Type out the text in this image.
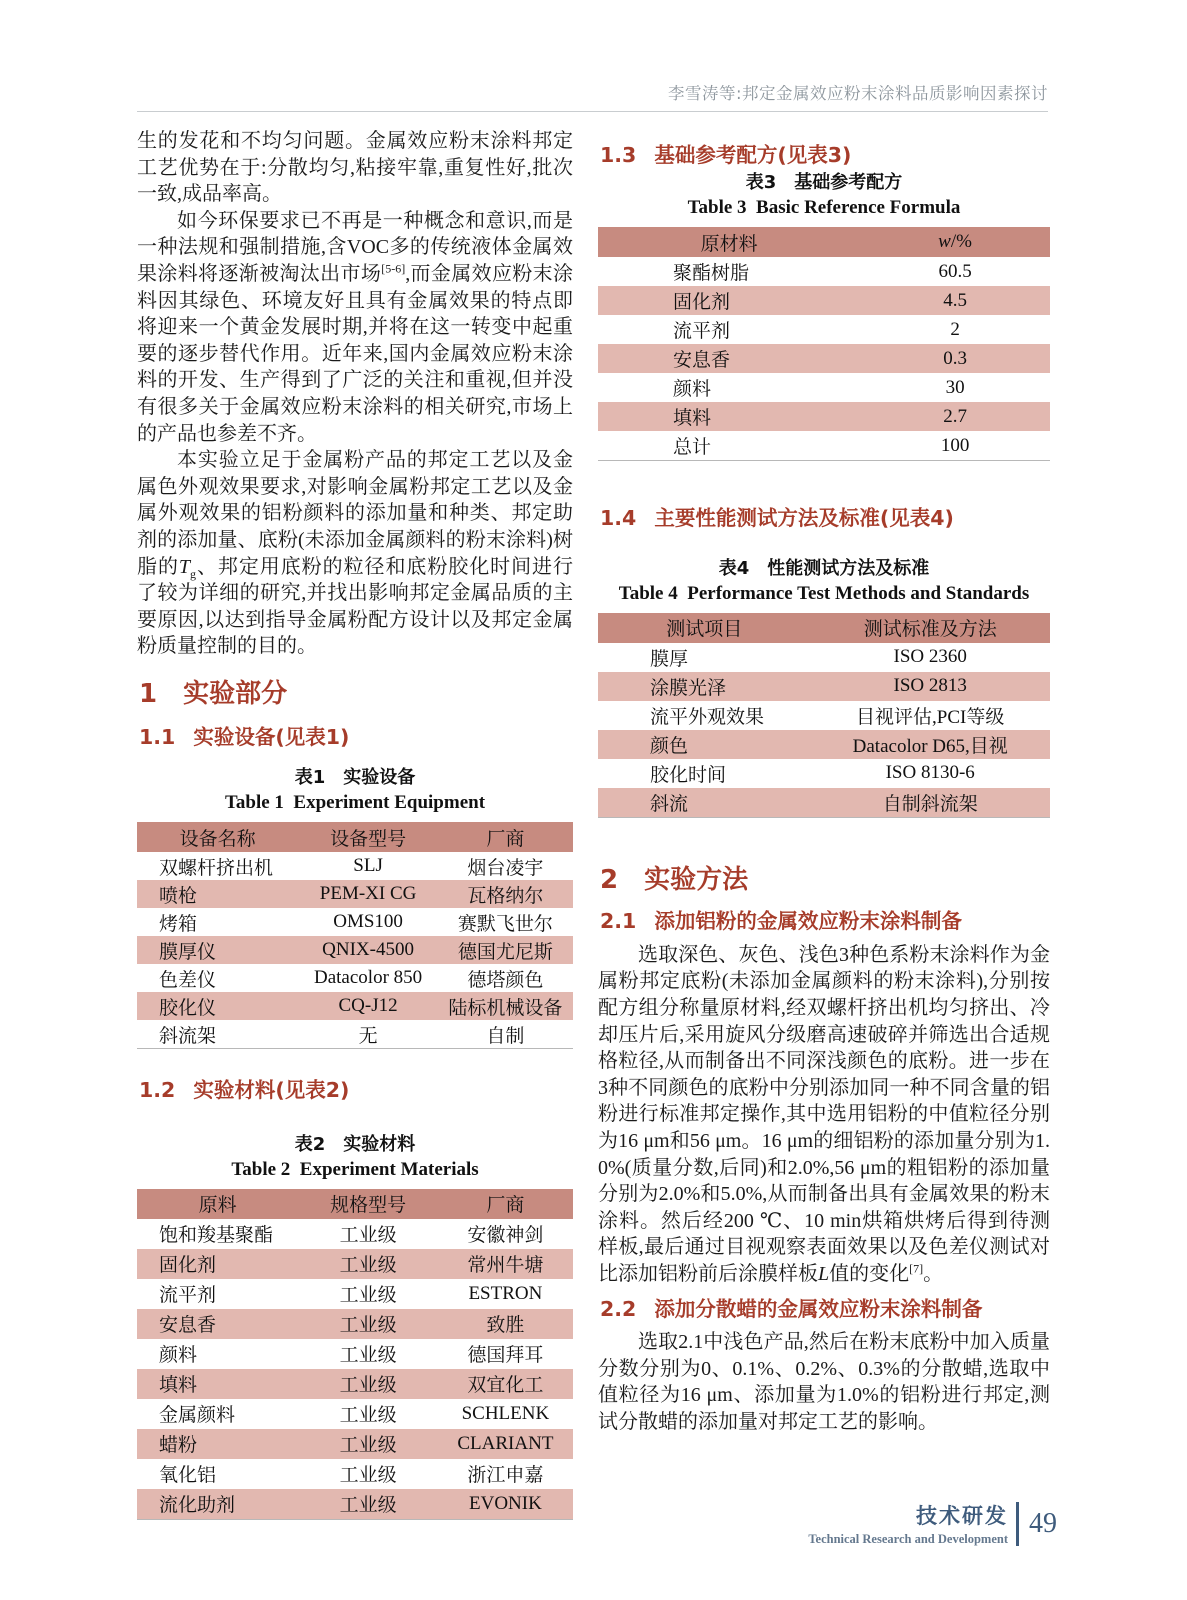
李雪涛等:邦定金属效应粉末涂料品质影响因素探讨

生的发花和不均匀问题。金属效应粉末涂料邦定工艺优势在于:分散均匀,粘接牢靠,重复性好,批次一致,成品率高。

如今环保要求已不再是一种概念和意识,而是一种法规和强制措施,含VOC多的传统液体金属效果涂料将逐渐被淘汰出市场[5-6],而金属效应粉末涂料因其绿色、环境友好且具有金属效果的特点即将迎来一个黄金发展时期,并将在这一转变中起重要的逐步替代作用。近年来,国内金属效应粉末涂料的开发、生产得到了广泛的关注和重视,但并没有很多关于金属效应粉末涂料的相关研究,市场上的产品也参差不齐。

本实验立足于金属粉产品的邦定工艺以及金属色外观效果要求,对影响金属粉邦定工艺以及金属外观效果的铝粉颜料的添加量和种类、邦定助剂的添加量、底粉(未添加金属颜料的粉末涂料)树脂的$T_g$、邦定用底粉的粒径和底粉胶化时间进行了较为详细的研究,并找出影响邦定金属品质的主要原因,以达到指导金属粉配方设计以及邦定金属粉质量控制的目的。

1 实验部分
1.1 实验设备(见表1)
表1　实验设备
Table 1  Experiment Equipment
设备名称	设备型号	厂商
双螺杆挤出机	SLJ	烟台凌宇
喷枪	PEM-XI CG	瓦格纳尔
烤箱	OMS100	赛默飞世尔
膜厚仪	QNIX-4500	德国尤尼斯
色差仪	Datacolor 850	德塔颜色
胶化仪	CQ-J12	陆标机械设备
斜流架	无	自制
1.2 实验材料(见表2)
表2　实验材料
Table 2  Experiment Materials
原料	规格型号	厂商
饱和羧基聚酯	工业级	安徽神剑
固化剂	工业级	常州牛塘
流平剂	工业级	ESTRON
安息香	工业级	致胜
颜料	工业级	德国拜耳
填料	工业级	双宜化工
金属颜料	工业级	SCHLENK
蜡粉	工业级	CLARIANT
氧化铝	工业级	浙江申嘉
流化助剂	工业级	EVONIK
1.3 基础参考配方(见表3)
表3　基础参考配方
Table 3  Basic Reference Formula
原材料	w/%
聚酯树脂	60.5
固化剂	4.5
流平剂	2
安息香	0.3
颜料	30
填料	2.7
总计	100
1.4 主要性能测试方法及标准(见表4)
表4　性能测试方法及标准
Table 4  Performance Test Methods and Standards
测试项目	测试标准及方法
膜厚	ISO 2360
涂膜光泽	ISO 2813
流平外观效果	目视评估,PCI等级
颜色	Datacolor D65,目视
胶化时间	ISO 8130-6
斜流	自制斜流架
2 实验方法
2.1 添加铝粉的金属效应粉末涂料制备

选取深色、灰色、浅色3种色系粉末涂料作为金属粉邦定底粉(未添加金属颜料的粉末涂料),分别按配方组分称量原材料,经双螺杆挤出机均匀挤出、冷却压片后,采用旋风分级磨高速破碎并筛选出合适规格粒径,从而制备出不同深浅颜色的底粉。进一步在3种不同颜色的底粉中分别添加同一种不同含量的铝粉进行标准邦定操作,其中选用铝粉的中值粒径分别为16 μm和56 μm。16 μm的细铝粉的添加量分别为1.0%(质量分数,后同)和2.0%,56 μm的粗铝粉的添加量分别为2.0%和5.0%,从而制备出具有金属效果的粉末涂料。然后经200 ℃、10 min烘箱烘烤后得到待测样板,最后通过目视观察表面效果以及色差仪测试对比添加铝粉前后涂膜样板L值的变化[7]。

2.2 添加分散蜡的金属效应粉末涂料制备

选取2.1中浅色产品,然后在粉末底粉中加入质量分数分别为0、0.1%、0.2%、0.3%的分散蜡,选取中值粒径为16 μm、添加量为1.0%的铝粉进行邦定,测试分散蜡的添加量对邦定工艺的影响。

技术研发
Technical Research and Development
49
